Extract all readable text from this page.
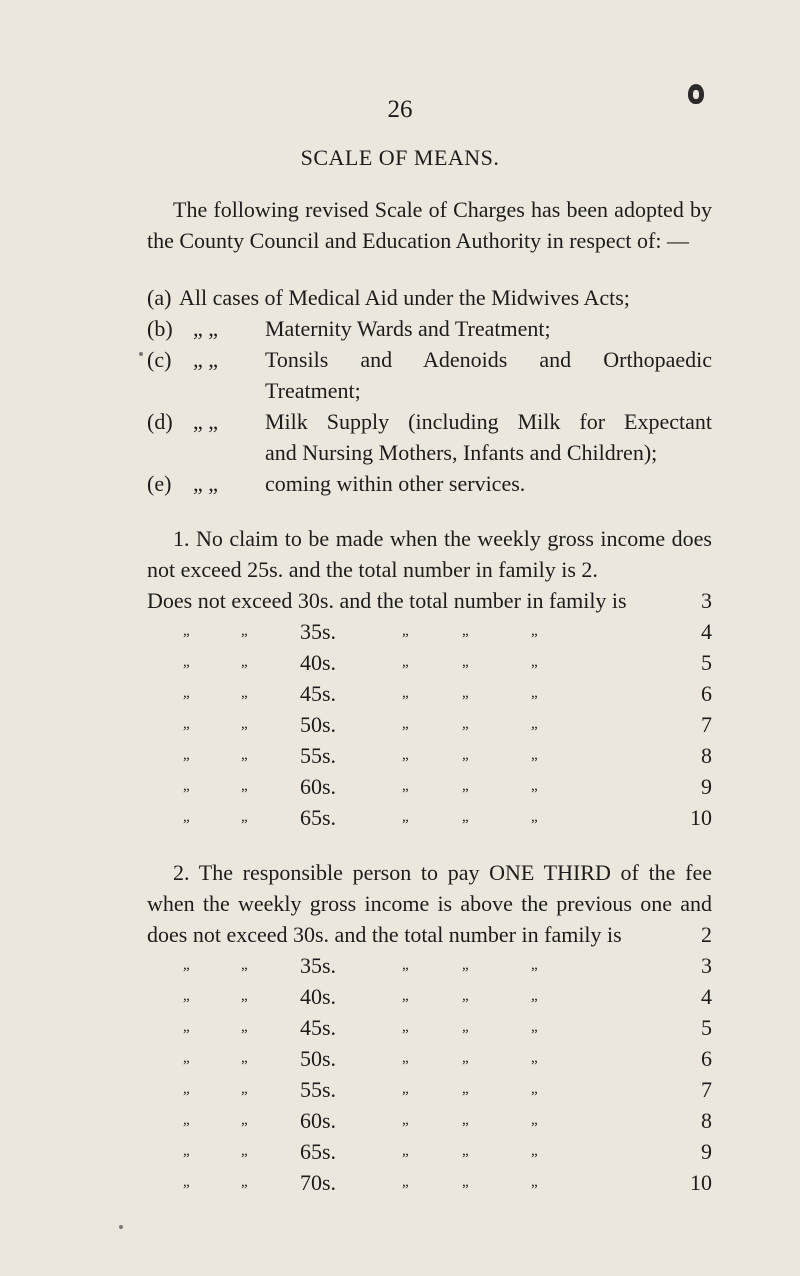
26
SCALE OF MEANS.
The following revised Scale of Charges has been adopted by
the County Council and Education Authority in respect of: —
(a) All cases of Medical Aid under the Midwives Acts;
(b) „ „	Maternity Wards and Treatment;
(c) „ „	Tonsils and Adenoids and Orthopaedic
Treatment;
(d) „ „	Milk Supply (including Milk for Expectant
and Nursing Mothers, Infants and Children);
(e) „ „	coming within other services.
1. No claim to be made when the weekly gross income does
not exceed 25s. and the total number in family is 2.
Does not exceed 30s. and the total number in family is	3
„	„ 35s.	„	„	„	4
„	„ 40s.	„	„	„	5
„	„ 45s.	„	„	„	6
„	„ 50s.	„	„	„	7
„	„ 55s.	„	„	„	8
„	„ 60s.	„	„	„	9
„	„ 65s.	„	„	„	10
2. The responsible person to pay ONE THIRD of the fee
when the weekly gross income is above the previous one and
does not exceed 30s. and the total number in family is	2
„	„ 35s.	„	„	„	3
„	„ 40s.	„	„	„	4
„	„ 45s.	„	„	„	5
„	„ 50s.	„	„	„	6
„	„ 55s.	„	„	„	7
„	„ 60s.	„	„	„	8
„	„ 65s.	„	„	„	9
„	„ 70s.	„	„	„	10
